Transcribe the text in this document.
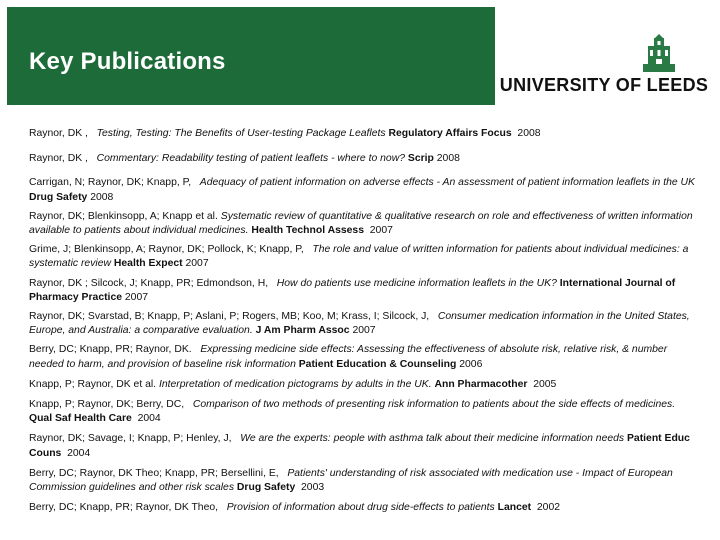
Key Publications
UNIVERSITY OF LEEDS

Raynor, DK , Testing, Testing: The Benefits of User-testing Package Leaflets Regulatory Affairs Focus 2008

Raynor, DK , Commentary: Readability testing of patient leaflets - where to now? Scrip 2008

Carrigan, N; Raynor, DK; Knapp, P, Adequacy of patient information on adverse effects - An assessment of patient information leaflets in the UK Drug Safety 2008

Raynor, DK; Blenkinsopp, A; Knapp et al. Systematic review of quantitative & qualitative research on role and effectiveness of written information available to patients about individual medicines. Health Technol Assess 2007

Grime, J; Blenkinsopp, A; Raynor, DK; Pollock, K; Knapp, P, The role and value of written information for patients about individual medicines: a systematic review Health Expect 2007

Raynor, DK ; Silcock, J; Knapp, PR; Edmondson, H, How do patients use medicine information leaflets in the UK? International Journal of Pharmacy Practice 2007

Raynor, DK; Svarstad, B; Knapp, P; Aslani, P; Rogers, MB; Koo, M; Krass, I; Silcock, J, Consumer medication information in the United States, Europe, and Australia: a comparative evaluation. J Am Pharm Assoc 2007

Berry, DC; Knapp, PR; Raynor, DK. Expressing medicine side effects: Assessing the effectiveness of absolute risk, relative risk, & number needed to harm, and provision of baseline risk information Patient Education & Counseling 2006

Knapp, P; Raynor, DK et al. Interpretation of medication pictograms by adults in the UK. Ann Pharmacother 2005

Knapp, P; Raynor, DK; Berry, DC, Comparison of two methods of presenting risk information to patients about the side effects of medicines. Qual Saf Health Care 2004

Raynor, DK; Savage, I; Knapp, P; Henley, J, We are the experts: people with asthma talk about their medicine information needs Patient Educ Couns 2004

Berry, DC; Raynor, DK Theo; Knapp, PR; Bersellini, E, Patients' understanding of risk associated with medication use - Impact of European Commission guidelines and other risk scales Drug Safety 2003

Berry, DC; Knapp, PR; Raynor, DK Theo, Provision of information about drug side-effects to patients Lancet 2002
